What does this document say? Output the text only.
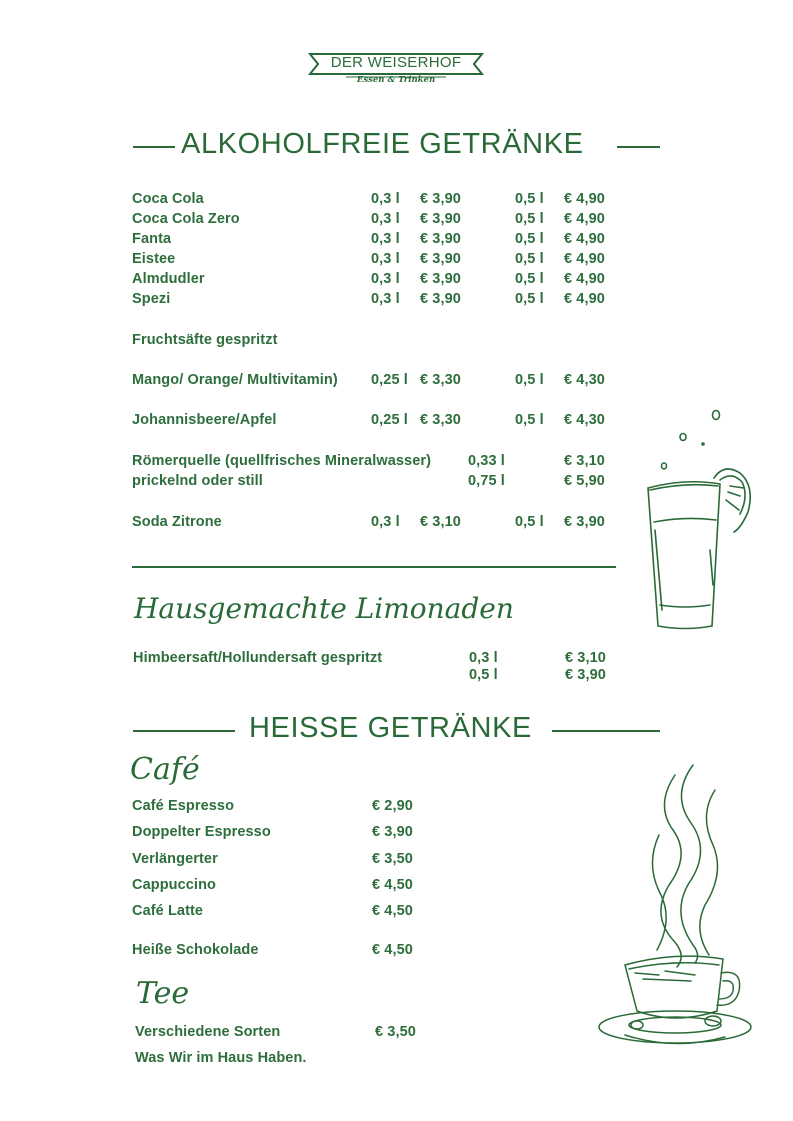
DER WEISERHOF
Essen & Trinken
ALKOHOLFREIE GETRÄNKE
Coca Cola	0,3 l € 3,90	0,5 l € 4,90
Coca Cola Zero	0,3 l € 3,90	0,5 l € 4,90
Fanta	0,3 l € 3,90	0,5 l € 4,90
Eistee	0,3 l € 3,90	0,5 l € 4,90
Almdudler	0,3 l € 3,90	0,5 l € 4,90
Spezi	0,3 l € 3,90	0,5 l € 4,90
Fruchtsäfte gespritzt
Mango/ Orange/ Multivitamin) 0,25 l € 3,30	0,5 l € 4,30
Johannisbeere/Apfel	0,25 l € 3,30	0,5 l € 4,30
Römerquelle (quellfrisches Mineralwasser)	0,33 l	€ 3,10
prickelnd oder still	0,75 l	€ 5,90
Soda Zitrone	0,3 l € 3,10	0,5 l € 3,90
Hausgemachte Limonaden
Himbeersaft/Hollundersaft gespritzt	0,3 l	€ 3,10
0,5 l	€ 3,90
HEISSE GETRÄNKE
Café
Café Espresso	€ 2,90
Doppelter Espresso	€ 3,90
Verlängerter	€ 3,50
Cappuccino	€ 4,50
Café Latte	€ 4,50
Heiße Schokolade	€ 4,50
Tee
Verschiedene Sorten	€ 3,50
Was Wir im Haus Haben.
